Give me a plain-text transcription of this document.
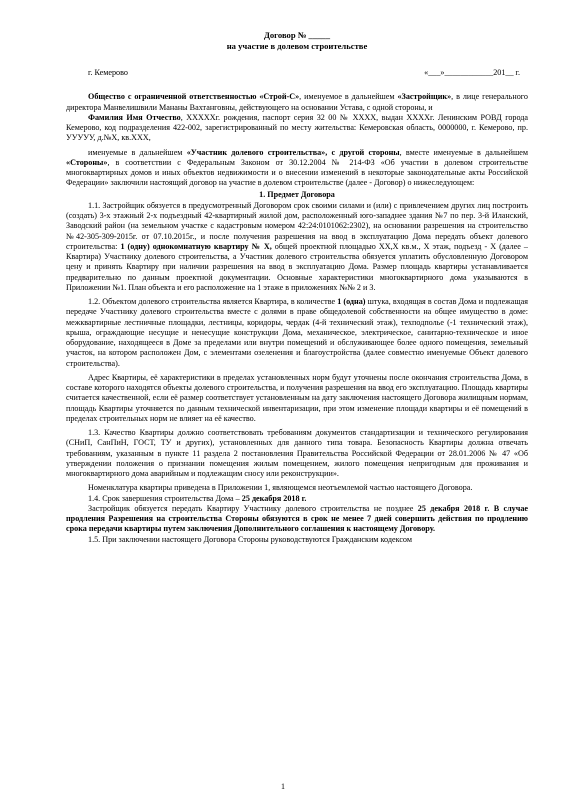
Договор № _____
на участие в долевом строительстве
г. Кемерово	«___»____________201__ г.

Общество с ограниченной ответственностью «Строй-С», именуемое в дальнейшем «Застройщик», в лице генерального директора Манвелишвили Мананы Вахтанговны, действующего на основании Устава, с одной стороны, и

Фамилия Имя Отчество, XXXXXг. рождения, паспорт серия 32 00 № XXXX, выдан XXXXг. Ленинским РОВД города Кемерово, код подразделения 422-002, зарегистрированный по месту жительства: Кемеровская область, 0000000, г. Кемерово, пр. УУУУУ, д.№Х, кв.XXX,

именуемые в дальнейшем «Участник долевого строительства», с другой стороны, вместе именуемые в дальнейшем «Стороны», в соответствии с Федеральным Законом от 30.12.2004 № 214-ФЗ «Об участии в долевом строительстве многоквартирных домов и иных объектов недвижимости и о внесении изменений в некоторые законодательные акты Российской Федерации» заключили настоящий договор на участие в долевом строительстве (далее - Договор) о нижеследующем:

1. Предмет Договора

1.1. Застройщик обязуется в предусмотренный Договором срок своими силами и (или) с привлечением других лиц построить (создать) 3-х этажный 2-х подъездный 42-квартирный жилой дом, расположенный юго-западнее здания №7 по пер. 3-й Иланский, Заводский район (на земельном участке с кадастровым номером 42:24:0101062:2302), на основании разрешения на строительство №42-305-309-2015г. от 07.10.2015г., и после получения разрешения на ввод в эксплуатацию Дома передать объект долевого строительства: 1 (одну) однокомнатную квартиру № X, общей проектной площадью XX,X кв.м., Х этаж, подъезд - Х (далее – Квартира) Участнику долевого строительства, а Участник долевого строительства обязуется уплатить обусловленную Договором цену и принять Квартиру при наличии разрешения на ввод в эксплуатацию Дома. Размер площадь квартиры устанавливается предварительно по данным проектной документации. Основные характеристики многоквартирного дома указываются в Приложении №1. План объекта и его расположение на 1 этаже в приложениях №№ 2 и 3.

1.2. Объектом долевого строительства является Квартира, в количестве 1 (одна) штука, входящая в состав Дома и подлежащая передаче Участнику долевого строительства вместе с долями в праве общедолевой собственности на общее имущество в доме: межквартирные лестничные площадки, лестницы, коридоры, чердак (4-й технический этаж), техподполье (-1 технический этаж), крыша, ограждающие несущие и ненесущие конструкции Дома, механическое, электрическое, санитарно-техническое и иное оборудование, находящееся в Доме за пределами или внутри помещений и обслуживающее более одного помещения, земельный участок, на котором расположен Дом, с элементами озеленения и благоустройства (далее совместно именуемые Объект долевого строительства).

Адрес Квартиры, её характеристики в пределах установленных норм будут уточнены после окончания строительства Дома, в составе которого находятся объекты долевого строительства, и получения разрешения на ввод его эксплуатацию. Площадь квартиры считается качественной, если её размер соответствует установленным на дату заключения настоящего Договора жилищным нормам, площадь Квартиры уточняется по данным технической инвентаризации, при этом изменение площади квартиры и её помещений в пределах строительных норм не влияет на её качество.

1.3. Качество Квартиры должно соответствовать требованиям документов стандартизации и технического регулирования (СНиП, СанПиН, ГОСТ, ТУ и других), установленных для данного типа товара. Безопасность Квартиры должна отвечать требованиям, указанным в пункте 11 раздела 2 постановления Правительства Российской Федерации от 28.01.2006 № 47 «Об утверждении положения о признании помещения жилым помещением, жилого помещения непригодным для проживания и многоквартирного дома аварийным и подлежащим сносу или реконструкции».

Номенклатура квартиры приведена в Приложении 1, являющемся неотъемлемой частью настоящего Договора.

1.4. Срок завершения строительства Дома – 25 декабря 2018 г.

Застройщик обязуется передать Квартиру Участнику долевого строительства не позднее 25 декабря 2018 г. В случае продления Разрешения на строительства Стороны обязуются в срок не менее 7 дней совершить действия по продлению срока передачи квартиры путем заключения Дополнительного соглашения к настоящему Договору.

1.5. При заключении настоящего Договора Стороны руководствуются Гражданским кодексом

1
